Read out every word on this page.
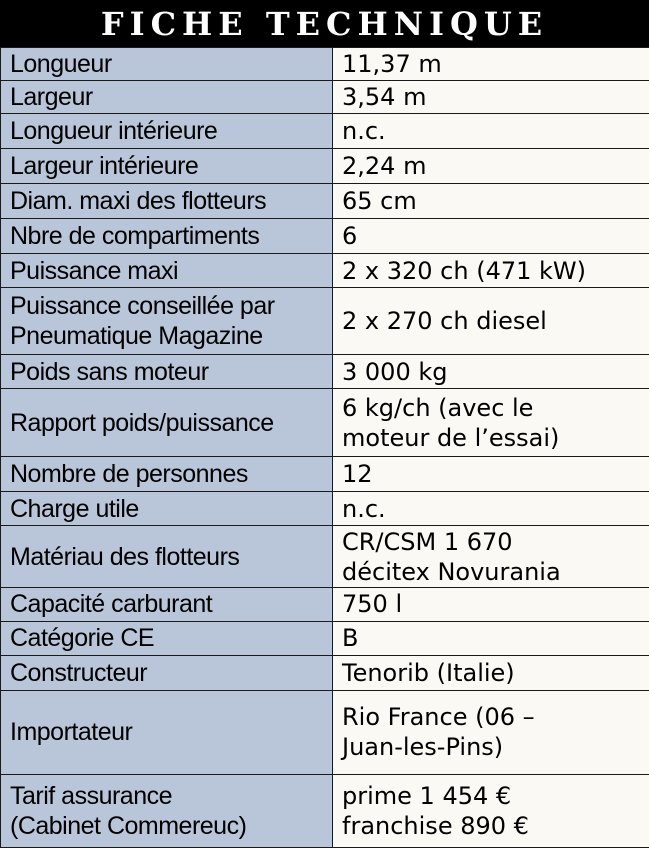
FICHE TECHNIQUE
Longueur	11,37 m

Largeur	3,54 m

Longueur intérieure	n.c.

Largeur intérieure	2,24 m

Diam. maxi des flotteurs	65 cm

Nbre de compartiments	6

Puissance maxi	2 x 320 ch (471 kW)

Puissance conseillée par
Pneumatique Magazine	2 x 270 ch diesel

Poids sans moteur	3 000 kg

Rapport poids/puissance	6 kg/ch (avec le
moteur de l’essai)

Nombre de personnes	12

Charge utile	n.c.

Matériau des flotteurs	CR/CSM 1 670
décitex Novurania

Capacité carburant	750 l

Catégorie CE	B

Constructeur	Tenorib (Italie)

Importateur	Rio France (06 –
Juan-les-Pins)

Tarif assurance
(Cabinet Commereuc)	prime 1 454 €
franchise 890 €
